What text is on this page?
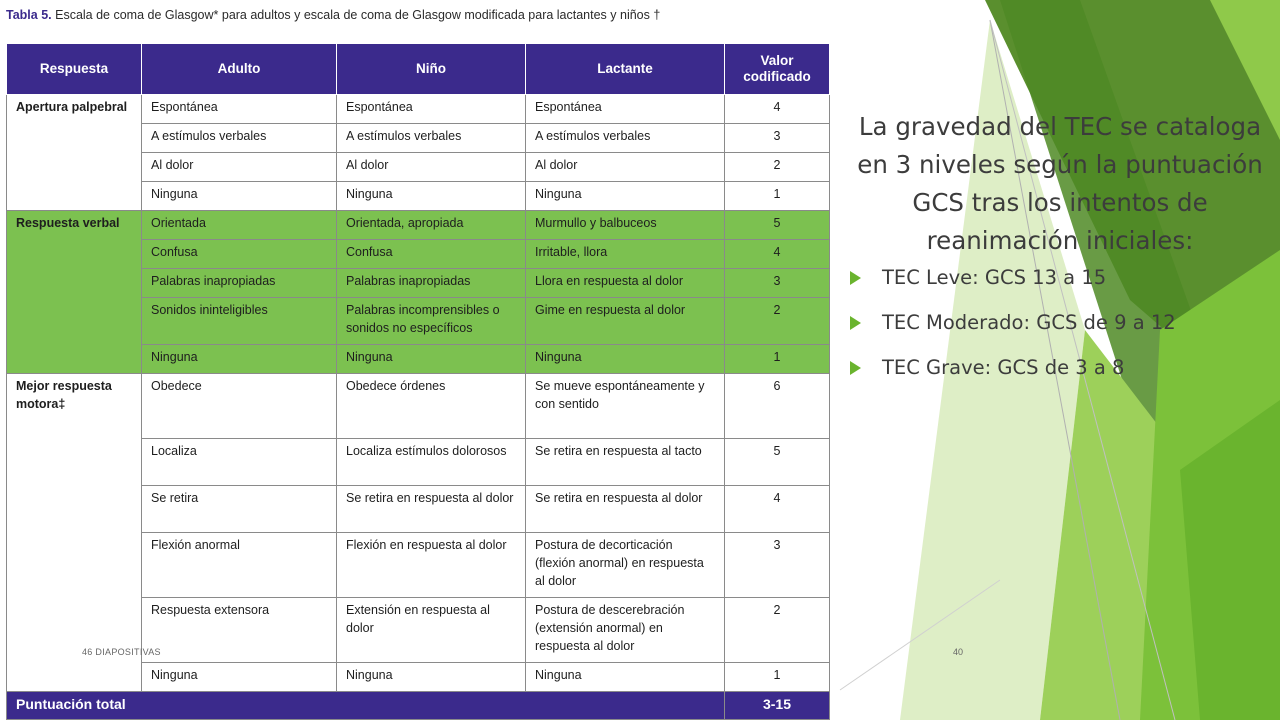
Tabla 5. Escala de coma de Glasgow* para adultos y escala de coma de Glasgow modificada para lactantes y niños †
Respuesta	Adulto	Niño	Lactante	Valor codificado
Apertura palpebral	Espontánea	Espontánea	Espontánea	4
	A estímulos verbales	A estímulos verbales	A estímulos verbales	3
	Al dolor	Al dolor	Al dolor	2
	Ninguna	Ninguna	Ninguna	1
Respuesta verbal	Orientada	Orientada, apropiada	Murmullo y balbuceos	5
	Confusa	Confusa	Irritable, llora	4
	Palabras inapropiadas	Palabras inapropiadas	Llora en respuesta al dolor	3
	Sonidos ininteligibles	Palabras incomprensibles o sonidos no específicos	Gime en respuesta al dolor	2
	Ninguna	Ninguna	Ninguna	1
Mejor respuesta motora‡	Obedece	Obedece órdenes	Se mueve espontáneamente y con sentido	6
	Localiza	Localiza estímulos dolorosos	Se retira en respuesta al tacto	5
	Se retira	Se retira en respuesta al dolor	Se retira en respuesta al dolor	4
	Flexión anormal	Flexión en respuesta al dolor	Postura de decorticación (flexión anormal) en respuesta al dolor	3
	Respuesta extensora	Extensión en respuesta al dolor	Postura de descerebración (extensión anormal) en respuesta al dolor	2
	Ninguna	Ninguna	Ninguna	1
Puntuación total				3-15
46 DIAPOSITIVAS	40

La gravedad del TEC se cataloga en 3 niveles según la puntuación GCS tras los intentos de reanimación iniciales:

TEC Leve: GCS 13 a 15
TEC Moderado: GCS de 9 a 12
TEC Grave: GCS de 3 a 8
